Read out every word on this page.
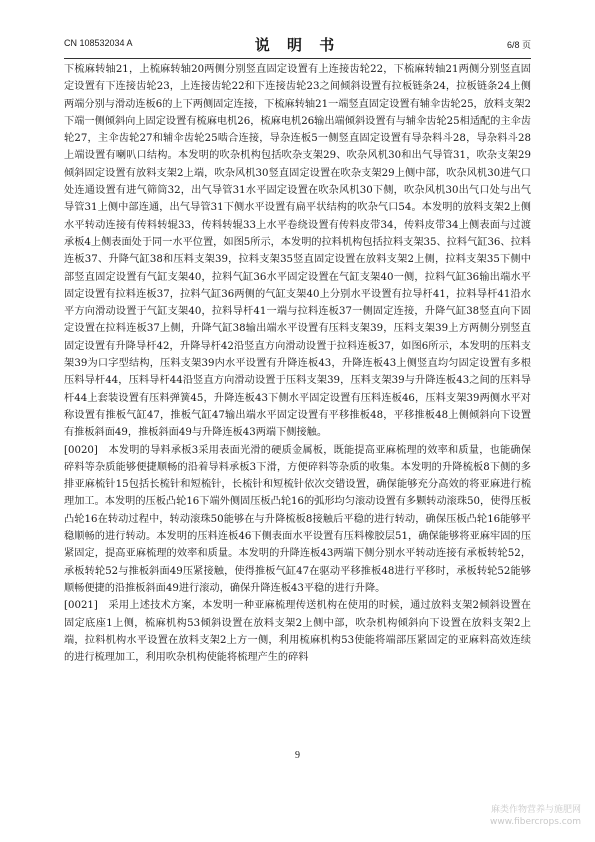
CN 108532034 A	说 明 书	6/8 页

下梳麻转轴21，上梳麻转轴20两侧分别竖直固定设置有上连接齿轮22，下梳麻转轴21两侧分别竖直固定设置有下连接齿轮23，上连接齿轮22和下连接齿轮23之间倾斜设置有拉板链条24，拉板链条24上侧两端分别与滑动连板6的上下两侧固定连接，下梳麻转轴21一端竖直固定设置有辅伞齿轮25，放料支架2下端一侧倾斜向上固定设置有梳麻电机26，梳麻电机26输出端倾斜设置有与辅伞齿轮25相适配的主伞齿轮27，主伞齿轮27和辅伞齿轮25啮合连接，导杂连板5一侧竖直固定设置有导杂料斗28，导杂料斗28上端设置有喇叭口结构。本发明的吹杂机构包括吹杂支架29、吹杂风机30和出气导管31，吹杂支架29倾斜固定设置有放料支架2上端，吹杂风机30竖直固定设置在吹杂支架29上侧中部，吹杂风机30进气口处连通设置有进气筛筒32，出气导管31水平固定设置在吹杂风机30下侧，吹杂风机30出气口处与出气导管31上侧中部连通，出气导管31下侧水平设置有扁平状结构的吹杂气口54。本发明的放料支架2上侧水平转动连接有传料转辊33，传料转辊33上水平卷绕设置有传料皮带34，传料皮带34上侧表面与过渡承板4上侧表面处于同一水平位置，如图5所示，本发明的拉料机构包括拉料支架35、拉料气缸36、拉料连板37、升降气缸38和压料支架39，拉料支架35竖直固定设置在放料支架2上侧，拉料支架35下侧中部竖直固定设置有气缸支架40，拉料气缸36水平固定设置在气缸支架40一侧，拉料气缸36输出端水平固定设置有拉料连板37，拉料气缸36两侧的气缸支架40上分别水平设置有拉导杆41，拉料导杆41沿水平方向滑动设置于气缸支架40，拉料导杆41一端与拉料连板37一侧固定连接，升降气缸38竖直向下固定设置在拉料连板37上侧，升降气缸38输出端水平设置有压料支架39，压料支架39上方两侧分别竖直固定设置有升降导杆42，升降导杆42沿竖直方向滑动设置于拉料连板37，如图6所示，本发明的压料支架39为口字型结构，压料支架39内水平设置有升降连板43，升降连板43上侧竖直均匀固定设置有多根压料导杆44，压料导杆44沿竖直方向滑动设置于压料支架39，压料支架39与升降连板43之间的压料导杆44上套装设置有压料弹簧45，升降连板43下侧水平固定设置有压料连板46，压料支架39两侧水平对称设置有推板气缸47，推板气缸47输出端水平固定设置有平移推板48，平移推板48上侧倾斜向下设置有推板斜面49，推板斜面49与升降连板43两端下侧接触。

[0020]　本发明的导料承板3采用表面光滑的硬质金属板，既能提高亚麻梳理的效率和质量，也能确保碎料等杂质能够便捷顺畅的沿着导料承板3下滑，方便碎料等杂质的收集。本发明的升降梳板8下侧的多排亚麻梳针15包括长梳针和短梳针，长梳针和短梳针依次交错设置，确保能够充分高效的将亚麻进行梳理加工。本发明的压板凸轮16下端外侧固压板凸轮16的弧形均匀滚动设置有多颗转动滚珠50，使得压板凸轮16在转动过程中，转动滚珠50能够在与升降梳板8接触后平稳的进行转动，确保压板凸轮16能够平稳顺畅的进行转动。本发明的压料连板46下侧表面水平设置有压料橡胶层51，确保能够将亚麻牢固的压紧固定，提高亚麻梳理的效率和质量。本发明的升降连板43两端下侧分别水平转动连接有承板转轮52，承板转轮52与推板斜面49压紧接触，使得推板气缸47在驱动平移推板48进行平移时，承板转轮52能够顺畅便捷的沿推板斜面49进行滚动，确保升降连板43平稳的进行升降。

[0021]　采用上述技术方案，本发明一种亚麻梳理传送机构在使用的时候，通过放料支架2倾斜设置在固定底座1上侧，梳麻机构53倾斜设置在放料支架2上侧中部，吹杂机构倾斜向下设置在放料支架2上端，拉料机构水平设置在放料支架2上方一侧，利用梳麻机构53使能将端部压紧固定的亚麻料高效连续的进行梳理加工，利用吹杂机构使能将梳理产生的碎料

9
麻类作物营养与施肥网
www.fibercrops.com
